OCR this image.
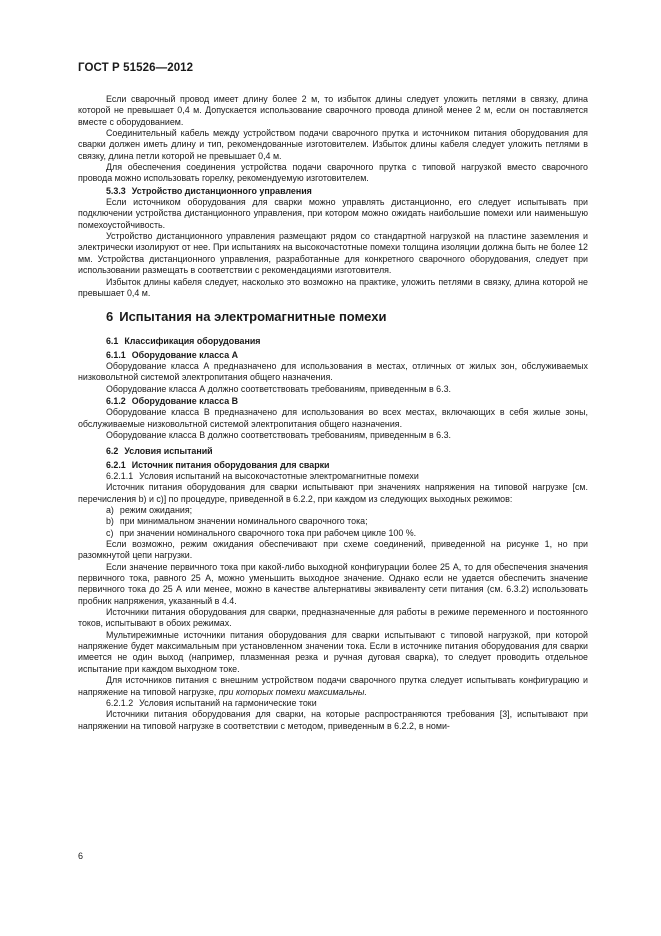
ГОСТ Р 51526—2012

Если сварочный провод имеет длину более 2 м, то избыток длины следует уложить петлями в связку, длина которой не превышает 0,4 м. Допускается использование сварочного провода длиной менее 2 м, если он поставляется вместе с оборудованием.

Соединительный кабель между устройством подачи сварочного прутка и источником питания оборудования для сварки должен иметь длину и тип, рекомендованные изготовителем. Избыток длины кабеля следует уложить петлями в связку, длина петли которой не превышает 0,4 м.

Для обеспечения соединения устройства подачи сварочного прутка с типовой нагрузкой вместо сварочного провода можно использовать горелку, рекомендуемую изготовителем.

5.3.3 Устройство дистанционного управления

Если источником оборудования для сварки можно управлять дистанционно, его следует испытывать при подключении устройства дистанционного управления, при котором можно ожидать наибольшие помехи или наименьшую помехоустойчивость.

Устройство дистанционного управления размещают рядом со стандартной нагрузкой на пластине заземления и электрически изолируют от нее. При испытаниях на высокочастотные помехи толщина изоляции должна быть не более 12 мм. Устройства дистанционного управления, разработанные для конкретного сварочного оборудования, следует при использовании размещать в соответствии с рекомендациями изготовителя.

Избыток длины кабеля следует, насколько это возможно на практике, уложить петлями в связку, длина которой не превышает 0,4 м.

6 Испытания на электромагнитные помехи

6.1 Классификация оборудования

6.1.1 Оборудование класса А

Оборудование класса А предназначено для использования в местах, отличных от жилых зон, обслуживаемых низковольтной системой электропитания общего назначения.

Оборудование класса А должно соответствовать требованиям, приведенным в 6.3.

6.1.2 Оборудование класса В

Оборудование класса В предназначено для использования во всех местах, включающих в себя жилые зоны, обслуживаемые низковольтной системой электропитания общего назначения.

Оборудование класса В должно соответствовать требованиям, приведенным в 6.3.

6.2 Условия испытаний

6.2.1 Источник питания оборудования для сварки

6.2.1.1 Условия испытаний на высокочастотные электромагнитные помехи

Источник питания оборудования для сварки испытывают при значениях напряжения на типовой нагрузке [см. перечисления b) и c)] по процедуре, приведенной в 6.2.2, при каждом из следующих выходных режимов:

a) режим ожидания;

b) при минимальном значении номинального сварочного тока;

c) при значении номинального сварочного тока при рабочем цикле 100 %.

Если возможно, режим ожидания обеспечивают при схеме соединений, приведенной на рисунке 1, но при разомкнутой цепи нагрузки.

Если значение первичного тока при какой-либо выходной конфигурации более 25 А, то для обеспечения значения первичного тока, равного 25 А, можно уменьшить выходное значение. Однако если не удается обеспечить значение первичного тока до 25 А или менее, можно в качестве альтернативы эквиваленту сети питания (см. 6.3.2) использовать пробник напряжения, указанный в 4.4.

Источники питания оборудования для сварки, предназначенные для работы в режиме переменного и постоянного токов, испытывают в обоих режимах.

Мультирежимные источники питания оборудования для сварки испытывают с типовой нагрузкой, при которой напряжение будет максимальным при установленном значении тока. Если в источнике питания оборудования для сварки имеется не один выход (например, плазменная резка и ручная дуговая сварка), то следует проводить отдельное испытание при каждом выходном токе.

Для источников питания с внешним устройством подачи сварочного прутка следует испытывать конфигурацию и напряжение на типовой нагрузке, при которых помехи максимальны.

6.2.1.2 Условия испытаний на гармонические токи

Источники питания оборудования для сварки, на которые распространяются требования [3], испытывают при напряжении на типовой нагрузке в соответствии с методом, приведенным в 6.2.2, в номи-

6
